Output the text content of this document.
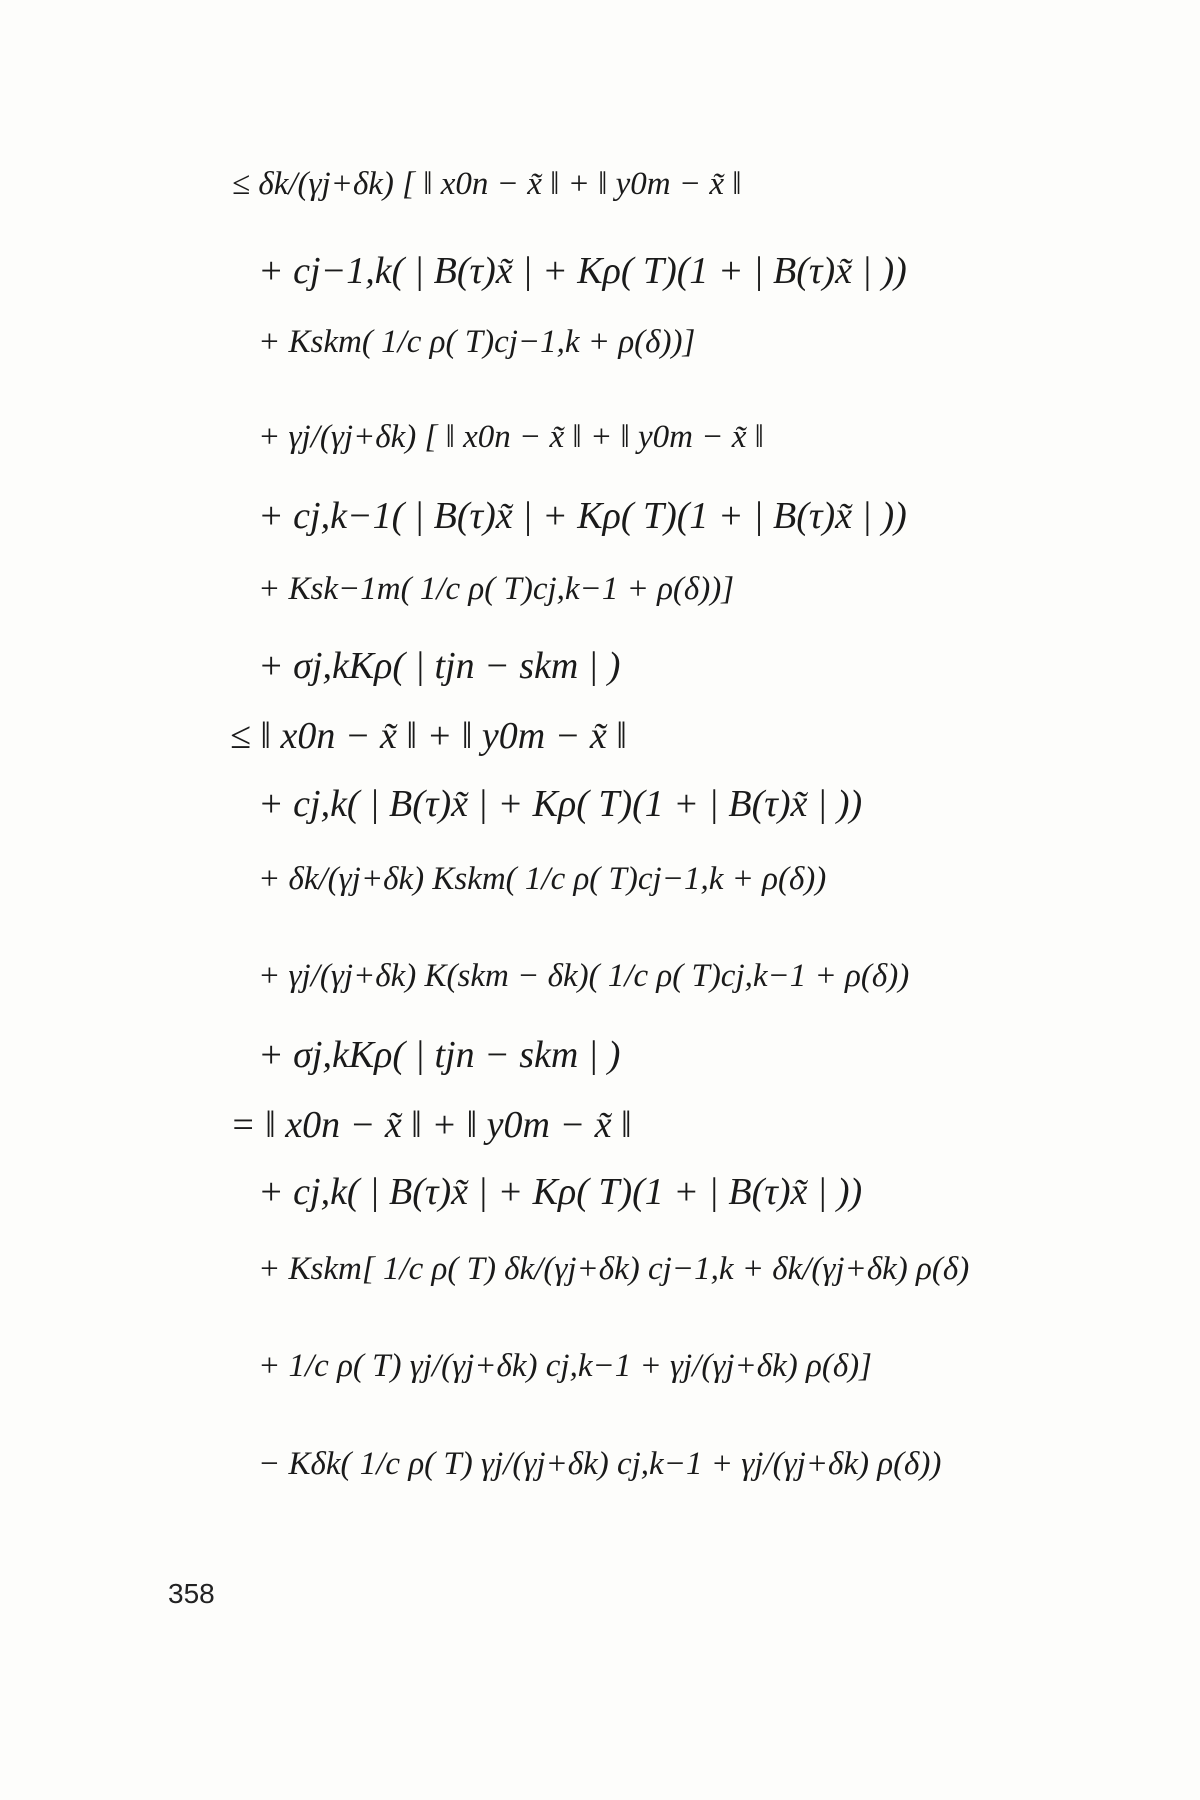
≤ δk/(γj+δk) [ ‖ x0n − x̃ ‖ + ‖ y0m − x̃ ‖
+ cj−1,k( | B(τ)x̃ | + Kρ( T)(1 + | B(τ)x̃ | ))
+ Kskm( 1/c ρ( T)cj−1,k + ρ(δ))]
+ γj/(γj+δk) [ ‖ x0n − x̃ ‖ + ‖ y0m − x̃ ‖
+ cj,k−1( | B(τ)x̃ | + Kρ( T)(1 + | B(τ)x̃ | ))
+ Ksk−1m( 1/c ρ( T)cj,k−1 + ρ(δ))]
+ σj,kKρ( | tjn − skm | )
≤ ‖ x0n − x̃ ‖ + ‖ y0m − x̃ ‖
+ cj,k( | B(τ)x̃ | + Kρ( T)(1 + | B(τ)x̃ | ))
+ δk/(γj+δk) Kskm( 1/c ρ( T)cj−1,k + ρ(δ))
+ γj/(γj+δk) K(skm − δk)( 1/c ρ( T)cj,k−1 + ρ(δ))
+ σj,kKρ( | tjn − skm | )
= ‖ x0n − x̃ ‖ + ‖ y0m − x̃ ‖
+ cj,k( | B(τ)x̃ | + Kρ( T)(1 + | B(τ)x̃ | ))
+ Kskm[ 1/c ρ( T) δk/(γj+δk) cj−1,k + δk/(γj+δk) ρ(δ)
+ 1/c ρ( T) γj/(γj+δk) cj,k−1 + γj/(γj+δk) ρ(δ)]
− Kδk( 1/c ρ( T) γj/(γj+δk) cj,k−1 + γj/(γj+δk) ρ(δ))
358
